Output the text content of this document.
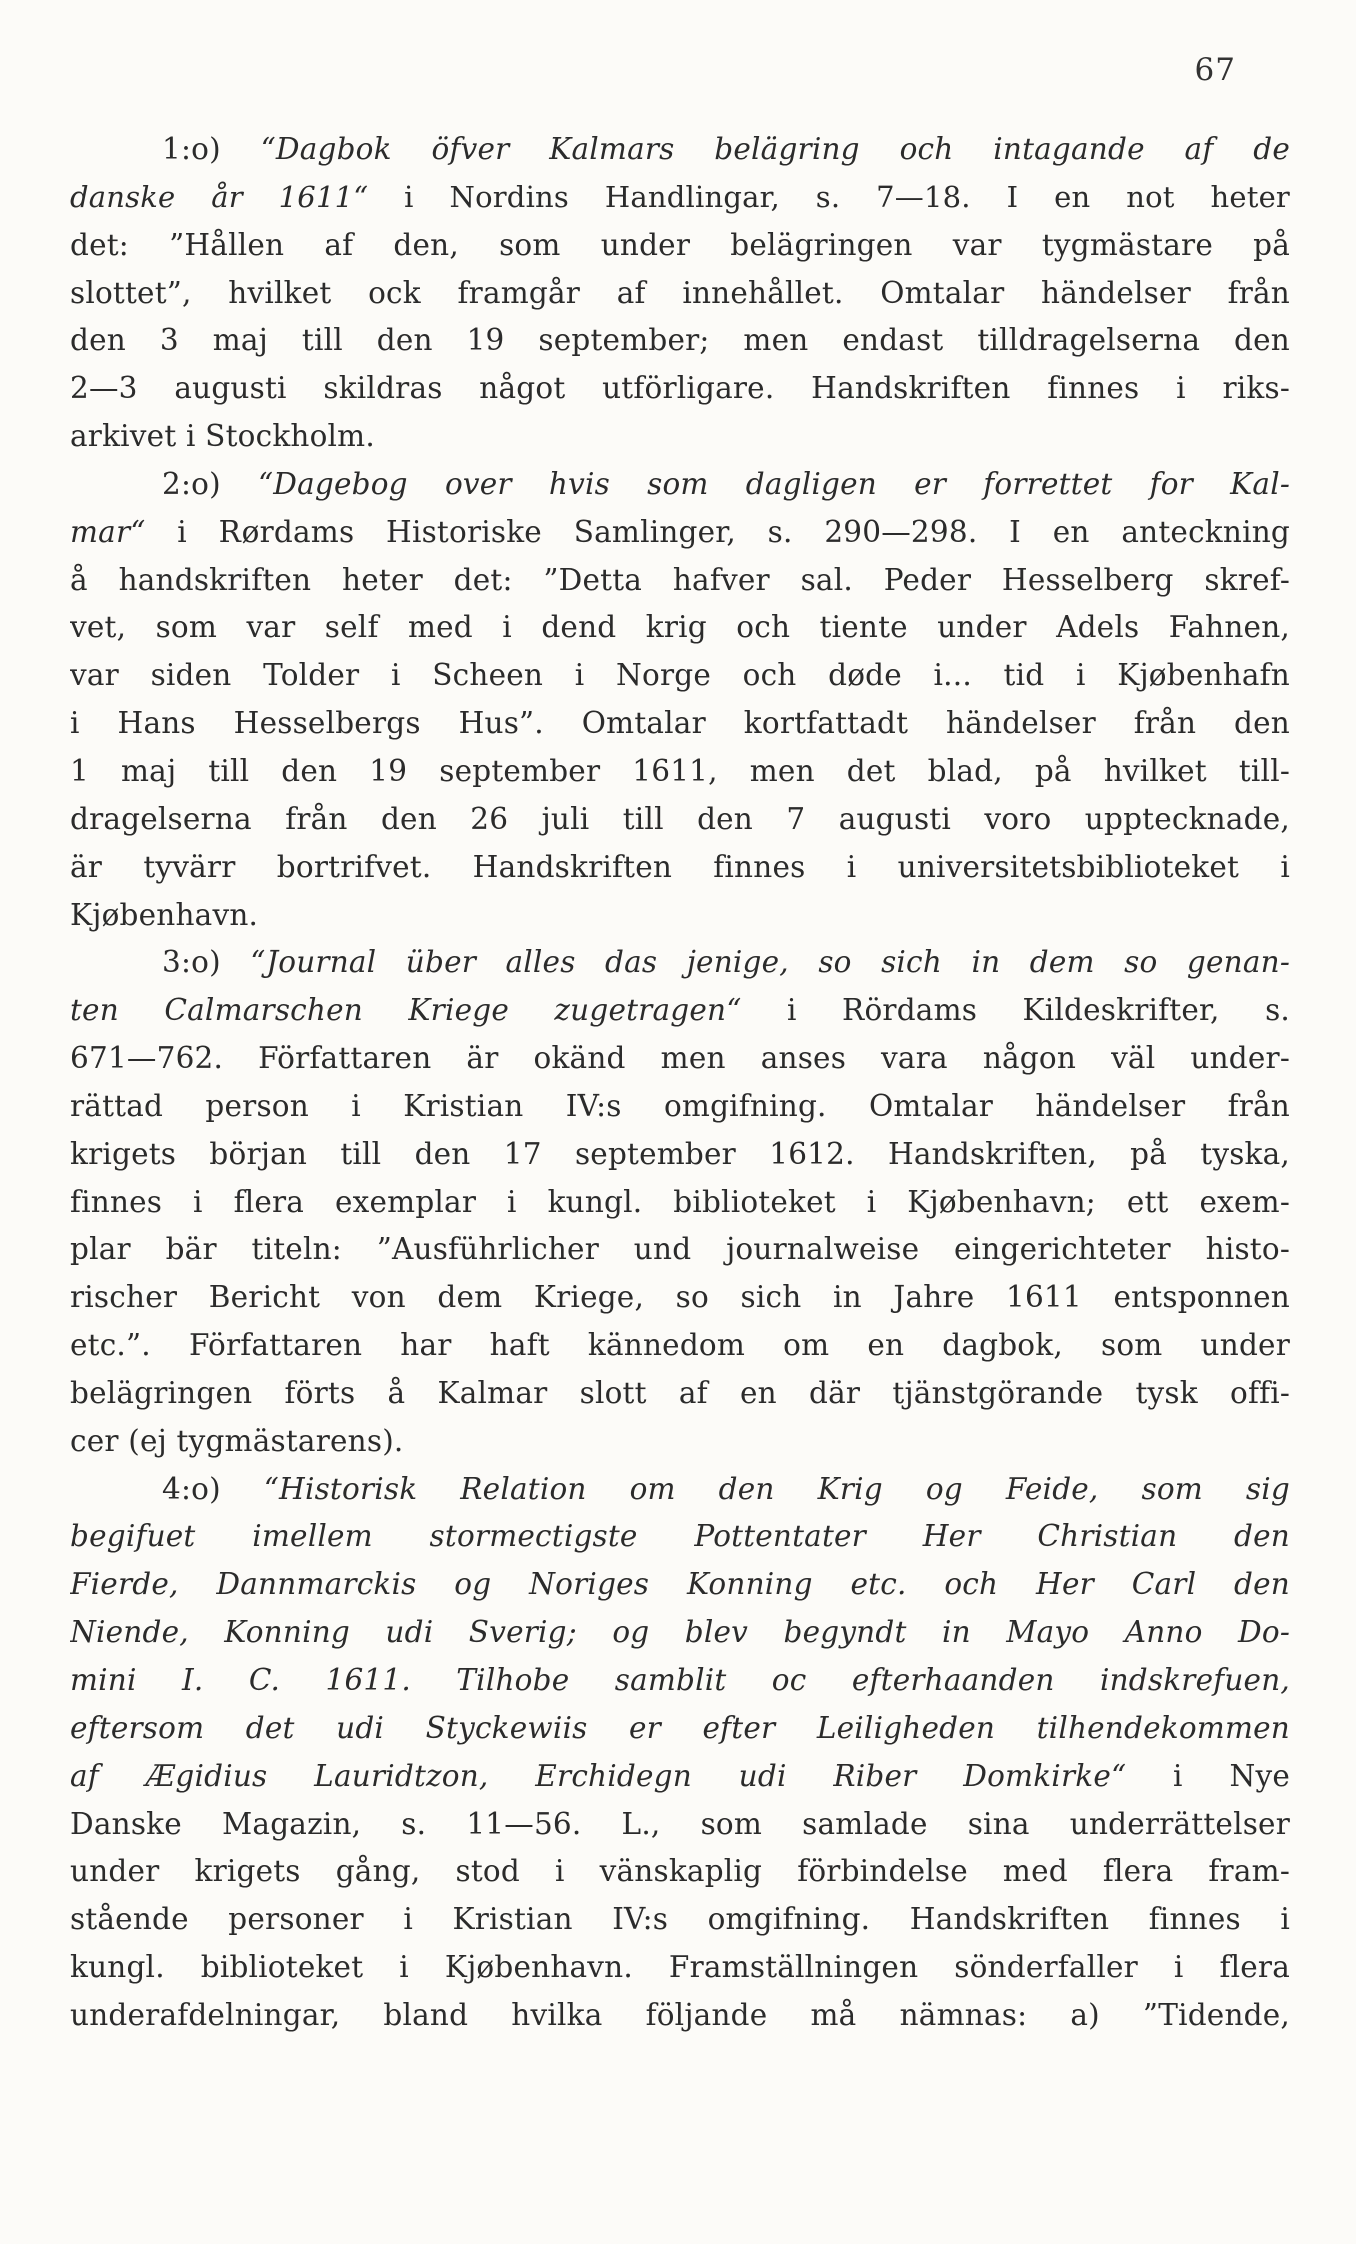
67
1:o) “Dagbok öfver Kalmars belägring och intagande af de
danske år 1611“ i Nordins Handlingar, s. 7—18. I en not heter
det: ”Hållen af den, som under belägringen var tygmästare på
slottet”, hvilket ock framgår af innehållet. Omtalar händelser från
den 3 maj till den 19 september; men endast tilldragelserna den
2—3 augusti skildras något utförligare. Handskriften finnes i riks-
arkivet i Stockholm.
2:o) “Dagebog over hvis som dagligen er forrettet for Kal-
mar“ i Rørdams Historiske Samlinger, s. 290—298. I en anteckning
å handskriften heter det: ”Detta hafver sal. Peder Hesselberg skref-
vet, som var self med i dend krig och tiente under Adels Fahnen,
var siden Tolder i Scheen i Norge och døde i... tid i Kjøbenhafn
i Hans Hesselbergs Hus”. Omtalar kortfattadt händelser från den
1 maj till den 19 september 1611, men det blad, på hvilket till-
dragelserna från den 26 juli till den 7 augusti voro upptecknade,
är tyvärr bortrifvet. Handskriften finnes i universitetsbiblioteket i
Kjøbenhavn.
3:o) “Journal über alles das jenige, so sich in dem so genan-
ten Calmarschen Kriege zugetragen“ i Rördams Kildeskrifter, s.
671—762. Författaren är okänd men anses vara någon väl under-
rättad person i Kristian IV:s omgifning. Omtalar händelser från
krigets början till den 17 september 1612. Handskriften, på tyska,
finnes i flera exemplar i kungl. biblioteket i Kjøbenhavn; ett exem-
plar bär titeln: ”Ausführlicher und journalweise eingerichteter histo-
rischer Bericht von dem Kriege, so sich in Jahre 1611 entsponnen
etc.”. Författaren har haft kännedom om en dagbok, som under
belägringen förts å Kalmar slott af en där tjänstgörande tysk offi-
cer (ej tygmästarens).
4:o) “Historisk Relation om den Krig og Feide, som sig
begifuet imellem stormectigste Pottentater Her Christian den
Fierde, Dannmarckis og Noriges Konning etc. och Her Carl den
Niende, Konning udi Sverig; og blev begyndt in Mayo Anno Do-
mini I. C. 1611. Tilhobe samblit oc efterhaanden indskrefuen,
eftersom det udi Styckewiis er efter Leiligheden tilhendekommen
af Ægidius Lauridtzon, Erchidegn udi Riber Domkirke“ i Nye
Danske Magazin, s. 11—56. L., som samlade sina underrättelser
under krigets gång, stod i vänskaplig förbindelse med flera fram-
stående personer i Kristian IV:s omgifning. Handskriften finnes i
kungl. biblioteket i Kjøbenhavn. Framställningen sönderfaller i flera
underafdelningar, bland hvilka följande må nämnas: a) ”Tidende,
